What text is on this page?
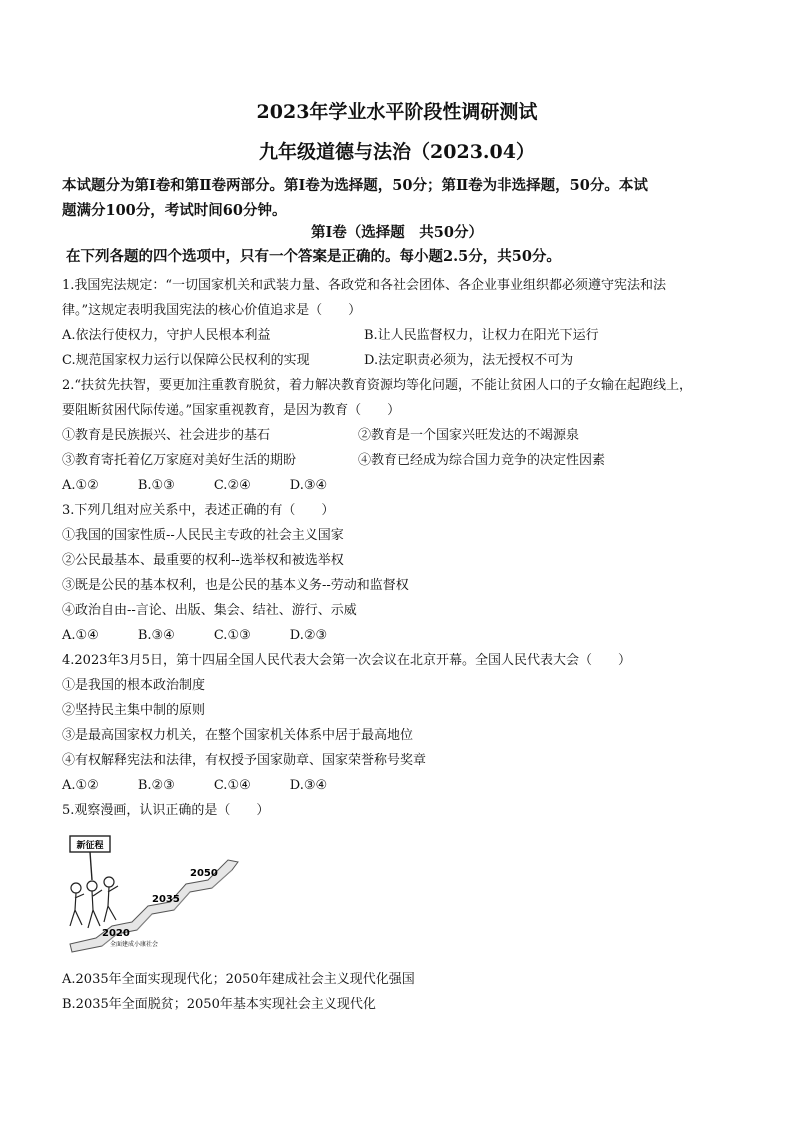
2023年学业水平阶段性调研测试
九年级道德与法治（2023.04）
本试题分为第Ⅰ卷和第Ⅱ卷两部分。第Ⅰ卷为选择题，50分；第Ⅱ卷为非选择题，50分。本试
题满分100分，考试时间60分钟。
第Ⅰ卷（选择题　共50分）
在下列各题的四个选项中，只有一个答案是正确的。每小题2.5分，共50分。
1.我国宪法规定：“一切国家机关和武装力量、各政党和各社会团体、各企业事业组织都必须遵守宪法和法
律。”这规定表明我国宪法的核心价值追求是（　　）
A.依法行使权力，守护人民根本利益	B.让人民监督权力，让权力在阳光下运行
C.规范国家权力运行以保障公民权利的实现	D.法定职责必须为，法无授权不可为
2.“扶贫先扶智，要更加注重教育脱贫，着力解决教育资源均等化问题，不能让贫困人口的子女输在起跑线上，
要阻断贫困代际传递。”国家重视教育，是因为教育（　　）
①教育是民族振兴、社会进步的基石	②教育是一个国家兴旺发达的不竭源泉
③教育寄托着亿万家庭对美好生活的期盼	④教育已经成为综合国力竞争的决定性因素
A.①②　　　B.①③　　　C.②④　　　D.③④
3.下列几组对应关系中，表述正确的有（　　）
①我国的国家性质--人民民主专政的社会主义国家
②公民最基本、最重要的权利--选举权和被选举权
③既是公民的基本权利，也是公民的基本义务--劳动和监督权
④政治自由--言论、出版、集会、结社、游行、示威
A.①④　　　B.③④　　　C.①③　　　D.②③
4.2023年3月5日，第十四届全国人民代表大会第一次会议在北京开幕。全国人民代表大会（　　）
①是我国的根本政治制度
②坚持民主集中制的原则
③是最高国家权力机关，在整个国家机关体系中居于最高地位
④有权解释宪法和法律，有权授予国家勋章、国家荣誉称号奖章
A.①②　　　B.②③　　　C.①④　　　D.③④
5.观察漫画，认识正确的是（　　）
新征程
2050
2035
2020
全面建成小康社会
A.2035年全面实现现代化；2050年建成社会主义现代化强国
B.2035年全面脱贫；2050年基本实现社会主义现代化
